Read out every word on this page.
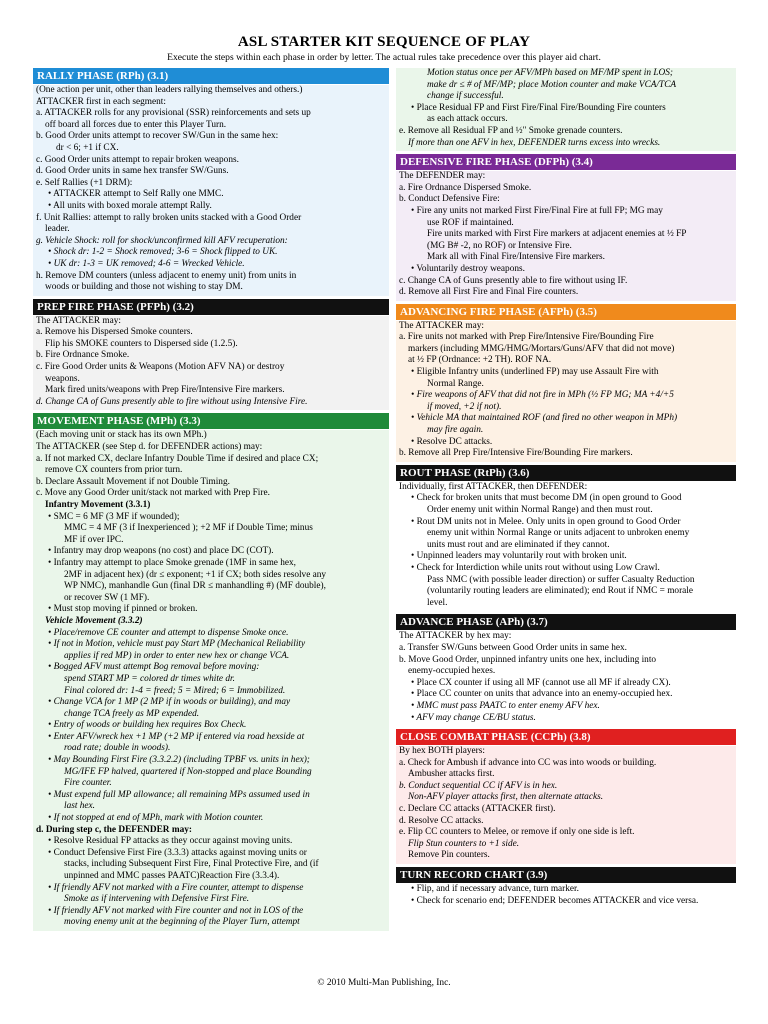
ASL STARTER KIT SEQUENCE OF PLAY
Execute the steps within each phase in order by letter. The actual rules take precedence over this player aid chart.
RALLY PHASE (RPh) (3.1)
(One action per unit, other than leaders rallying themselves and others.)
ATTACKER first in each segment:
a. ATTACKER rolls for any provisional (SSR) reinforcements and sets up
off board all forces due to enter this Player Turn.
b. Good Order units attempt to recover SW/Gun in the same hex:
dr < 6; +1 if CX.
c. Good Order units attempt to repair broken weapons.
d. Good Order units in same hex transfer SW/Guns.
e. Self Rallies (+1 DRM):
• ATTACKER attempt to Self Rally one MMC.
• All units with boxed morale attempt Rally.
f. Unit Rallies: attempt to rally broken units stacked with a Good Order
leader.
g. Vehicle Shock: roll for shock/unconfirmed kill AFV recuperation:
• Shock dr: 1-2 = Shock removed; 3-6 = Shock flipped to UK.
• UK dr: 1-3 = UK removed; 4-6 = Wrecked Vehicle.
h. Remove DM counters (unless adjacent to enemy unit) from units in
woods or building and those not wishing to stay DM.
PREP FIRE PHASE (PFPh) (3.2)
The ATTACKER may:
a. Remove his Dispersed Smoke counters.
Flip his SMOKE counters to Dispersed side (1.2.5).
b. Fire Ordnance Smoke.
c. Fire Good Order units & Weapons (Motion AFV NA) or destroy
weapons.
Mark fired units/weapons with Prep Fire/Intensive Fire markers.
d. Change CA of Guns presently able to fire without using Intensive Fire.
MOVEMENT PHASE (MPh) (3.3)
(Each moving unit or stack has its own MPh.)
The ATTACKER (see Step d. for DEFENDER actions) may:
a. If not marked CX, declare Infantry Double Time if desired and place CX;
remove CX counters from prior turn.
b. Declare Assault Movement if not Double Timing.
c. Move any Good Order unit/stack not marked with Prep Fire.
Infantry Movement (3.3.1)
• SMC = 6 MF (3 MF if wounded);
MMC = 4 MF (3 if Inexperienced ); +2 MF if Double Time; minus
MF if over IPC.
• Infantry may drop weapons (no cost) and place DC (COT).
• Infantry may attempt to place Smoke grenade (1MF in same hex,
2MF in adjacent hex) (dr ≤ exponent; +1 if CX; both sides resolve any
WP NMC), manhandle Gun (final DR ≤ manhandling #) (MF double),
or recover SW (1 MF).
• Must stop moving if pinned or broken.
Vehicle Movement (3.3.2)
• Place/remove CE counter and attempt to dispense Smoke once.
• If not in Motion, vehicle must pay Start MP (Mechanical Reliability
applies if red MP) in order to enter new hex or change VCA.
• Bogged AFV must attempt Bog removal before moving:
spend START MP = colored dr times white dr.
Final colored dr: 1-4 = freed; 5 = Mired; 6 = Immobilized.
• Change VCA for 1 MP (2 MP if in woods or building), and may
change TCA freely as MP expended.
• Entry of woods or building hex requires Box Check.
• Enter AFV/wreck hex +1 MP (+2 MP if entered via road hexside at
road rate; double in woods).
• May Bounding First Fire (3.3.2.2) (including TPBF vs. units in hex);
MG/IFE FP halved, quartered if Non-stopped and place Bounding
Fire counter.
• Must expend full MP allowance; all remaining MPs assumed used in
last hex.
• If not stopped at end of MPh, mark with Motion counter.
d. During step c, the DEFENDER may:
• Resolve Residual FP attacks as they occur against moving units.
• Conduct Defensive First Fire (3.3.3) attacks against moving units or
stacks, including Subsequent First Fire, Final Protective Fire, and (if
unpinned and MMC passes PAATC)Reaction Fire (3.3.4).
• If friendly AFV not marked with a Fire counter, attempt to dispense
Smoke as if intervening with Defensive First Fire.
• If friendly AFV not marked with Fire counter and not in LOS of the
moving enemy unit at the beginning of the Player Turn, attempt
Motion status once per AFV/MPh based on MF/MP spent in LOS;
make dr ≤ # of MF/MP; place Motion counter and make VCA/TCA
change if successful.
• Place Residual FP and First Fire/Final Fire/Bounding Fire counters
as each attack occurs.
e. Remove all Residual FP and ½" Smoke grenade counters.
If more than one AFV in hex, DEFENDER turns excess into wrecks.
DEFENSIVE FIRE PHASE (DFPh) (3.4)
The DEFENDER may:
a. Fire Ordnance Dispersed Smoke.
b. Conduct Defensive Fire:
• Fire any units not marked First Fire/Final Fire at full FP; MG may
use ROF if maintained.
Fire units marked with First Fire markers at adjacent enemies at ½ FP
(MG B# -2, no ROF) or Intensive Fire.
Mark all with Final Fire/Intensive Fire markers.
• Voluntarily destroy weapons.
c. Change CA of Guns presently able to fire without using IF.
d. Remove all First Fire and Final Fire counters.
ADVANCING FIRE PHASE (AFPh) (3.5)
The ATTACKER may:
a. Fire units not marked with Prep Fire/Intensive Fire/Bounding Fire
markers (including MMG/HMG/Mortars/Guns/AFV that did not move)
at ½ FP (Ordnance: +2 TH). ROF NA.
• Eligible Infantry units (underlined FP) may use Assault Fire with
Normal Range.
• Fire weapons of AFV that did not fire in MPh (½ FP MG; MA +4/+5
if moved, +2 if not).
• Vehicle MA that maintained ROF (and fired no other weapon in MPh)
may fire again.
• Resolve DC attacks.
b. Remove all Prep Fire/Intensive Fire/Bounding Fire markers.
ROUT PHASE (RtPh) (3.6)
Individually, first ATTACKER, then DEFENDER:
• Check for broken units that must become DM (in open ground to Good
Order enemy unit within Normal Range) and then must rout.
• Rout DM units not in Melee. Only units in open ground to Good Order
enemy unit within Normal Range or units adjacent to unbroken enemy
units must rout and are eliminated if they cannot.
• Unpinned leaders may voluntarily rout with broken unit.
• Check for Interdiction while units rout without using Low Crawl.
Pass NMC (with possible leader direction) or suffer Casualty Reduction
(voluntarily routing leaders are eliminated); end Rout if NMC = morale
level.
ADVANCE PHASE (APh) (3.7)
The ATTACKER by hex may:
a. Transfer SW/Guns between Good Order units in same hex.
b. Move Good Order, unpinned infantry units one hex, including into
enemy-occupied hexes.
• Place CX counter if using all MF (cannot use all MF if already CX).
• Place CC counter on units that advance into an enemy-occupied hex.
• MMC must pass PAATC to enter enemy AFV hex.
• AFV may change CE/BU status.
CLOSE COMBAT PHASE (CCPh) (3.8)
By hex BOTH players:
a. Check for Ambush if advance into CC was into woods or building.
Ambusher attacks first.
b. Conduct sequential CC if AFV is in hex.
Non-AFV player attacks first, then alternate attacks.
c. Declare CC attacks (ATTACKER first).
d. Resolve CC attacks.
e. Flip CC counters to Melee, or remove if only one side is left.
Flip Stun counters to +1 side.
Remove Pin counters.
TURN RECORD CHART (3.9)
• Flip, and if necessary advance, turn marker.
• Check for scenario end; DEFENDER becomes ATTACKER and vice versa.
© 2010 Multi-Man Publishing, Inc.
